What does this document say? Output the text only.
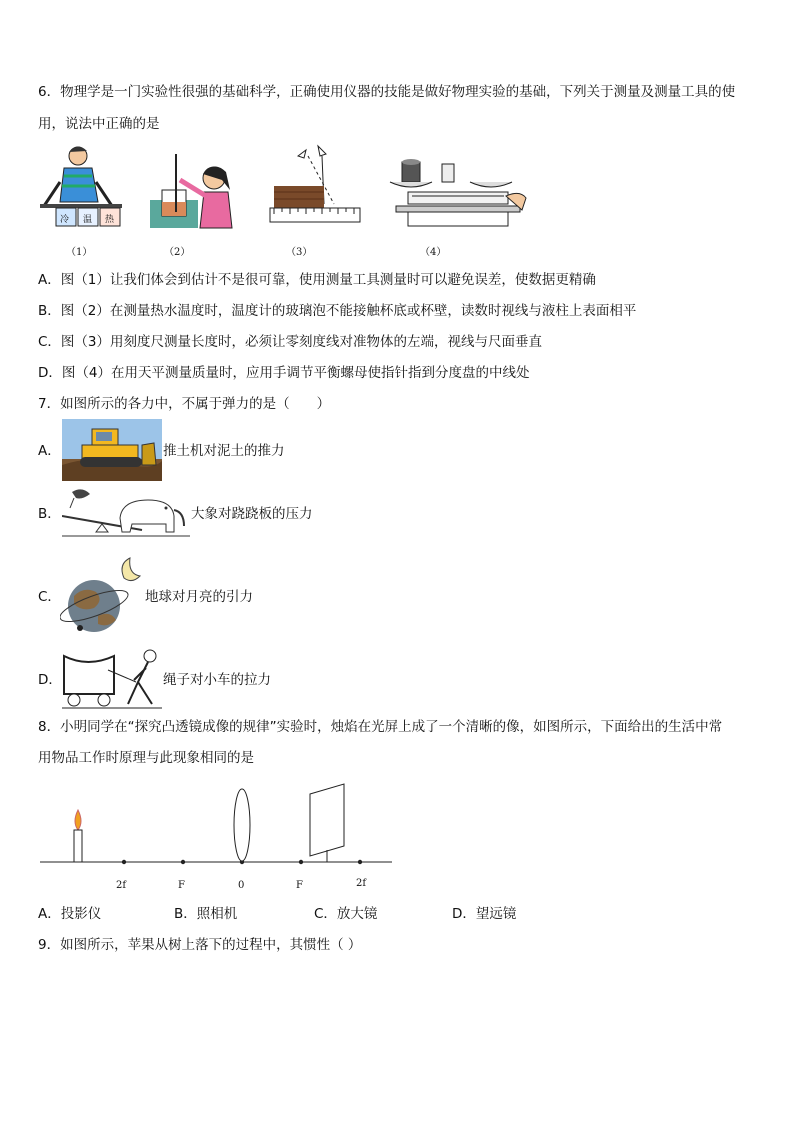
6．物理学是一门实验性很强的基础科学，正确使用仪器的技能是做好物理实验的基础，下列关于测量及测量工具的使
用，说法中正确的是
冷 温 热
（1）	（2）	（3）	（4）
A．图（1）让我们体会到估计不是很可靠，使用测量工具测量时可以避免误差，使数据更精确
B．图（2）在测量热水温度时，温度计的玻璃泡不能接触杯底或杯壁，读数时视线与液柱上表面相平
C．图（3）用刻度尺测量长度时，必须让零刻度线对准物体的左端，视线与尺面垂直
D．图（4）在用天平测量质量时，应用手调节平衡螺母使指针指到分度盘的中线处
7．如图所示的各力中，不属于弹力的是（　　）
A．	推土机对泥土的推力
B．	大象对跷跷板的压力
C．	地球对月亮的引力
D．	绳子对小车的拉力
8．小明同学在“探究凸透镜成像的规律”实验时，烛焰在光屏上成了一个清晰的像，如图所示，下面给出的生活中常
用物品工作时原理与此现象相同的是
2f	F	0	F	2f
A．投影仪	B．照相机	C．放大镜	D．望远镜
9．如图所示，苹果从树上落下的过程中，其惯性（ ）
